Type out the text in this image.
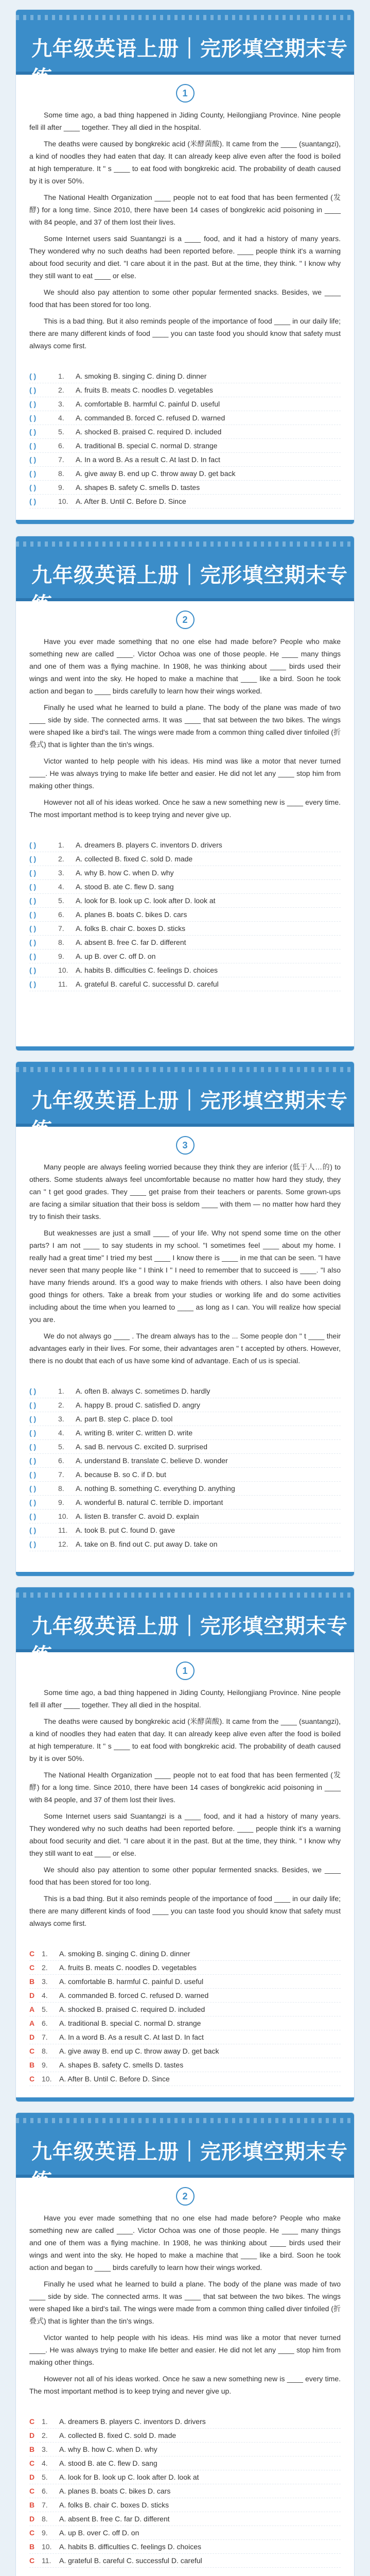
九年级英语上册｜完形填空期末专练
1

Some time ago, a bad thing happened in Jiding County, Heilongjiang Province. Nine people fell ill after ____ together. They all died in the hospital.

The deaths were caused by bongkrekic acid (米酵菌酸). It came from the ____ (suantangzi), a kind of noodles they had eaten that day. It can already keep alive even after the food is boiled at high temperature. It " s ____ to eat food with bongkrekic acid. The probability of death caused by it is over 50%.

The National Health Organization ____ people not to eat food that has been fermented (发酵) for a long time. Since 2010, there have been 14 cases of bongkrekic acid poisoning in ____ with 84 people, and 37 of them lost their lives.

Some Internet users said Suantangzi is a ____ food, and it had a history of many years. They wondered why no such deaths had been reported before. ____ people think it's a warning about food security and diet. "I care about it in the past. But at the time, they think. " I know why they still want to eat ____ or else.

We should also pay attention to some other popular fermented snacks. Besides, we ____ food that has been stored for too long.

This is a bad thing. But it also reminds people of the importance of food ____ in our daily life; there are many different kinds of food ____ you can taste food you should know that safety must always come first.

( )	1.	A. smoking B. singing C. dining D. dinner
( )	2.	A. fruits B. meats C. noodles D. vegetables
( )	3.	A. comfortable B. harmful C. painful D. useful
( )	4.	A. commanded B. forced C. refused D. warned
( )	5.	A. shocked B. praised C. required D. included
( )	6.	A. traditional B. special C. normal D. strange
( )	7.	A. In a word B. As a result C. At last D. In fact
( )	8.	A. give away B. end up C. throw away D. get back
( )	9.	A. shapes B. safety C. smells D. tastes
( )	10.	A. After B. Until C. Before D. Since
九年级英语上册｜完形填空期末专练
2

Have you ever made something that no one else had made before? People who make something new are called ____. Victor Ochoa was one of those people. He ____ many things and one of them was a flying machine. In 1908, he was thinking about ____ birds used their wings and went into the sky. He hoped to make a machine that ____ like a bird. Soon he took action and began to ____ birds carefully to learn how their wings worked.

Finally he used what he learned to build a plane. The body of the plane was made of two ____ side by side. The connected arms. It was ____ that sat between the two bikes. The wings were shaped like a bird's tail. The wings were made from a common thing called diver tinfoiled (折叠式) that is lighter than the tin's wings.

Victor wanted to help people with his ideas. His mind was like a motor that never turned ____. He was always trying to make life better and easier. He did not let any ____ stop him from making other things.

However not all of his ideas worked. Once he saw a new something new is ____ every time. The most important method is to keep trying and never give up.

( )	1.	A. dreamers B. players C. inventors D. drivers
( )	2.	A. collected B. fixed C. sold D. made
( )	3.	A. why B. how C. when D. why
( )	4.	A. stood B. ate C. flew D. sang
( )	5.	A. look for B. look up C. look after D. look at
( )	6.	A. planes B. boats C. bikes D. cars
( )	7.	A. folks B. chair C. boxes D. sticks
( )	8.	A. absent B. free C. far D. different
( )	9.	A. up B. over C. off D. on
( )	10.	A. habits B. difficulties C. feelings D. choices
( )	11.	A. grateful B. careful C. successful D. careful
九年级英语上册｜完形填空期末专练
3

Many people are always feeling worried because they think they are inferior (低于人…的) to others. Some students always feel uncomfortable because no matter how hard they study, they can " t get good grades. They ____ get praise from their teachers or parents. Some grown-ups are facing a similar situation that their boss is seldom ____ with them — no matter how hard they try to finish their tasks.

But weaknesses are just a small ____ of your life. Why not spend some time on the other parts? I am not ____ to say students in my school. "I sometimes feel ____ about my home. I really had a great time" I tried my best ____ I know there is ____ in me that can be seen. "I have never seen that many people like " I think I " I need to remember that to succeed is ____. "I also have many friends around. It's a good way to make friends with others. I also have been doing good things for others. Take a break from your studies or working life and do some activities including about the time when you learned to ____ as long as I can. You will realize how special you are.

We do not always go ____ . The dream always has to the ... Some people don " t ____ their advantages early in their lives. For some, their advantages aren " t accepted by others. However, there is no doubt that each of us have some kind of advantage. Each of us is special.

( )	1.	A. often B. always C. sometimes D. hardly
( )	2.	A. happy B. proud C. satisfied D. angry
( )	3.	A. part B. step C. place D. tool
( )	4.	A. writing B. writer C. written D. write
( )	5.	A. sad B. nervous C. excited D. surprised
( )	6.	A. understand B. translate C. believe D. wonder
( )	7.	A. because B. so C. if D. but
( )	8.	A. nothing B. something C. everything D. anything
( )	9.	A. wonderful B. natural C. terrible D. important
( )	10.	A. listen B. transfer C. avoid D. explain
( )	11.	A. took B. put C. found D. gave
( )	12.	A. take on B. find out C. put away D. take on
九年级英语上册｜完形填空期末专练
1

Some time ago, a bad thing happened in Jiding County, Heilongjiang Province. Nine people fell ill after ____ together. They all died in the hospital.

The deaths were caused by bongkrekic acid (米酵菌酸). It came from the ____ (suantangzi), a kind of noodles they had eaten that day. It can already keep alive even after the food is boiled at high temperature. It " s ____ to eat food with bongkrekic acid. The probability of death caused by it is over 50%.

The National Health Organization ____ people not to eat food that has been fermented (发酵) for a long time. Since 2010, there have been 14 cases of bongkrekic acid poisoning in ____ with 84 people, and 37 of them lost their lives.

Some Internet users said Suantangzi is a ____ food, and it had a history of many years. They wondered why no such deaths had been reported before. ____ people think it's a warning about food security and diet. "I care about it in the past. But at the time, they think. " I know why they still want to eat ____ or else.

We should also pay attention to some other popular fermented snacks. Besides, we ____ food that has been stored for too long.

This is a bad thing. But it also reminds people of the importance of food ____ in our daily life; there are many different kinds of food ____ you can taste food you should know that safety must always come first.

C 1.	A. smoking B. singing C. dining D. dinner
C 2.	A. fruits B. meats C. noodles D. vegetables
B 3.	A. comfortable B. harmful C. painful D. useful
D 4.	A. commanded B. forced C. refused D. warned
A 5.	A. shocked B. praised C. required D. included
A 6.	A. traditional B. special C. normal D. strange
D 7.	A. In a word B. As a result C. At last D. In fact
C 8.	A. give away B. end up C. throw away D. get back
B 9.	A. shapes B. safety C. smells D. tastes
C 10.	A. After B. Until C. Before D. Since
九年级英语上册｜完形填空期末专练
2

Have you ever made something that no one else had made before? People who make something new are called ____. Victor Ochoa was one of those people. He ____ many things and one of them was a flying machine. In 1908, he was thinking about ____ birds used their wings and went into the sky. He hoped to make a machine that ____ like a bird. Soon he took action and began to ____ birds carefully to learn how their wings worked.

Finally he used what he learned to build a plane. The body of the plane was made of two ____ side by side. The connected arms. It was ____ that sat between the two bikes. The wings were shaped like a bird's tail. The wings were made from a common thing called diver tinfoiled (折叠式) that is lighter than the tin's wings.

Victor wanted to help people with his ideas. His mind was like a motor that never turned ____. He was always trying to make life better and easier. He did not let any ____ stop him from making other things.

However not all of his ideas worked. Once he saw a new something new is ____ every time. The most important method is to keep trying and never give up.

C 1.	A. dreamers B. players C. inventors D. drivers
D 2.	A. collected B. fixed C. sold D. made
B 3.	A. why B. how C. when D. why
C 4.	A. stood B. ate C. flew D. sang
D 5.	A. look for B. look up C. look after D. look at
C 6.	A. planes B. boats C. bikes D. cars
B 7.	A. folks B. chair C. boxes D. sticks
D 8.	A. absent B. free C. far D. different
C 9.	A. up B. over C. off D. on
B 10.	A. habits B. difficulties C. feelings D. choices
C 11.	A. grateful B. careful C. successful D. careful
